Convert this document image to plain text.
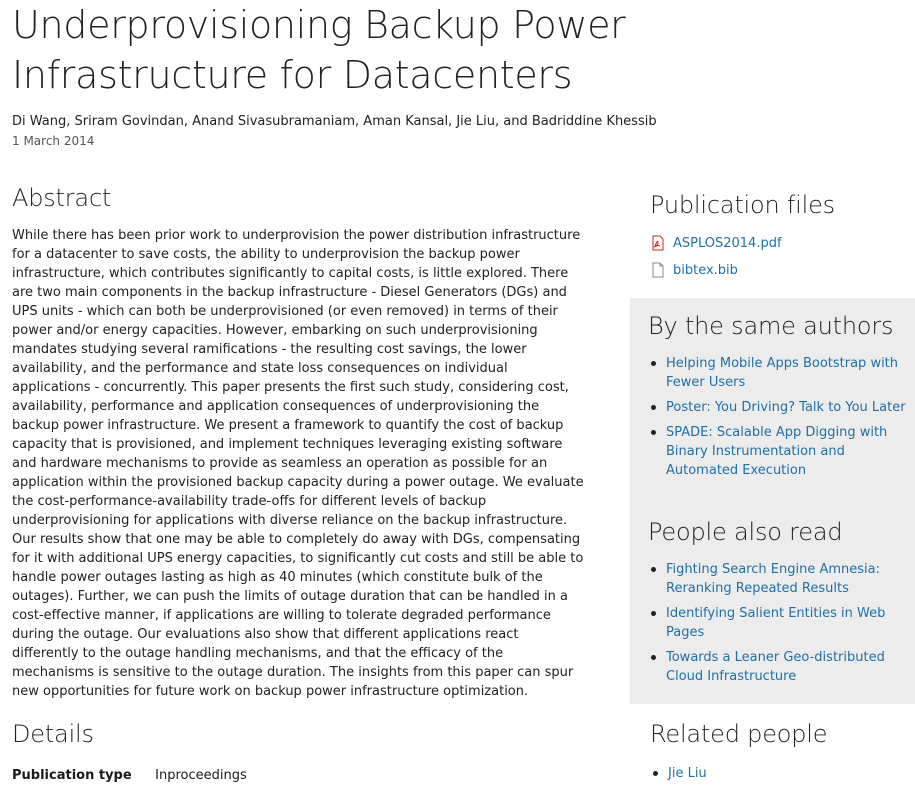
Underprovisioning Backup Power Infrastructure for Datacenters
Di Wang, Sriram Govindan, Anand Sivasubramaniam, Aman Kansal, Jie Liu, and Badriddine Khessib
1 March 2014
Abstract

While there has been prior work to underprovision the power distribution infrastructure for a datacenter to save costs, the ability to underprovision the backup power infrastructure, which contributes significantly to capital costs, is little explored. There are two main components in the backup infrastructure - Diesel Generators (DGs) and UPS units - which can both be underprovisioned (or even removed) in terms of their power and/or energy capacities. However, embarking on such underprovisioning mandates studying several ramifications - the resulting cost savings, the lower availability, and the performance and state loss consequences on individual applications - concurrently. This paper presents the first such study, considering cost, availability, performance and application consequences of underprovisioning the backup power infrastructure. We present a framework to quantify the cost of backup capacity that is provisioned, and implement techniques leveraging existing software and hardware mechanisms to provide as seamless an operation as possible for an application within the provisioned backup capacity during a power outage. We evaluate the cost-performance-availability trade-offs for different levels of backup underprovisioning for applications with diverse reliance on the backup infrastructure. Our results show that one may be able to completely do away with DGs, compensating for it with additional UPS energy capacities, to significantly cut costs and still be able to handle power outages lasting as high as 40 minutes (which constitute bulk of the outages). Further, we can push the limits of outage duration that can be handled in a cost-effective manner, if applications are willing to tolerate degraded performance during the outage. Our evaluations also show that different applications react differently to the outage handling mechanisms, and that the efficacy of the mechanisms is sensitive to the outage duration. The insights from this paper can spur new opportunities for future work on backup power infrastructure optimization.

Details
Publication type Inproceedings
Publication files
ASPLOS2014.pdf
bibtex.bib
By the same authors
Helping Mobile Apps Bootstrap with Fewer Users
Poster: You Driving? Talk to You Later
SPADE: Scalable App Digging with Binary Instrumentation and Automated Execution
People also read
Fighting Search Engine Amnesia: Reranking Repeated Results
Identifying Salient Entities in Web Pages
Towards a Leaner Geo-distributed Cloud Infrastructure
Related people
Jie Liu
